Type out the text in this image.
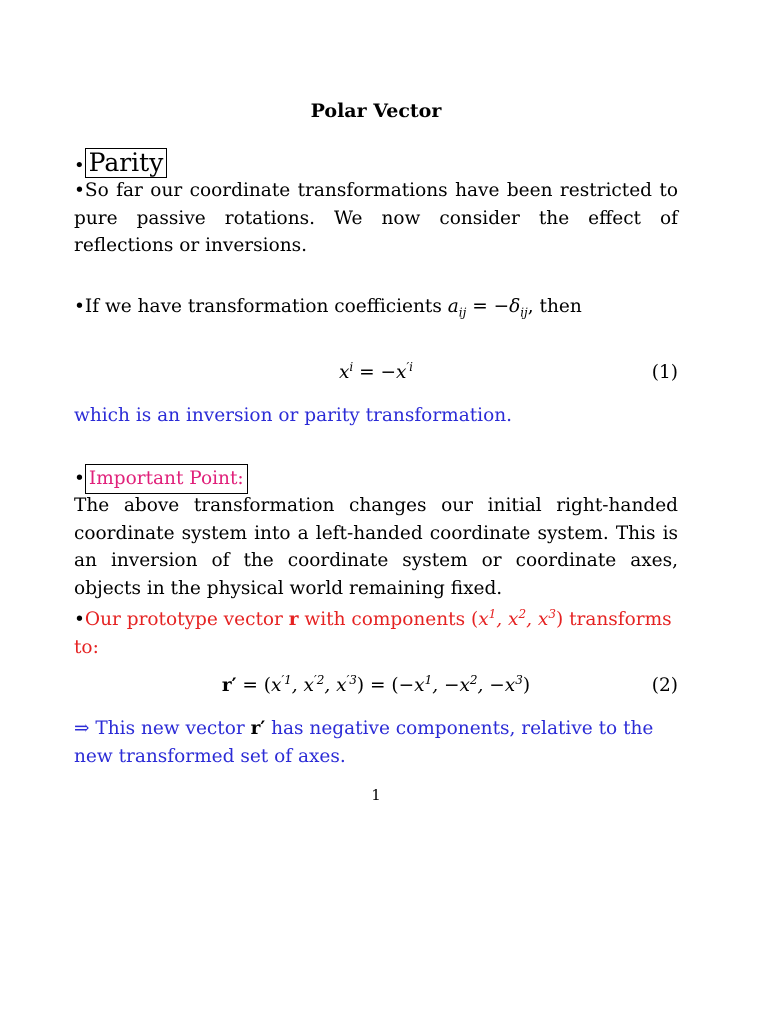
Polar Vector
• Parity
•So far our coordinate transformations have been restricted to pure passive rotations. We now consider the effect of reflections or inversions.
•If we have transformation coefficients $a_{ij} = -\delta_{ij}$, then
$x^i = -x^{'i}$	(1)
which is an inversion or parity transformation.
• Important Point:
The above transformation changes our initial right-handed coordinate system into a left-handed coordinate system. This is an inversion of the coordinate system or coordinate axes, objects in the physical world remaining fixed.
•Our prototype vector r with components ($x^1$, $x^2$, $x^3$) transforms to:
$r' = (x^{'1}$, $x^{'2}$, $x^{'3}) = (-x^1$, $-x^2$, $-x^3$)	(2)
⇒ This new vector r′ has negative components, relative to the new transformed set of axes.
1
